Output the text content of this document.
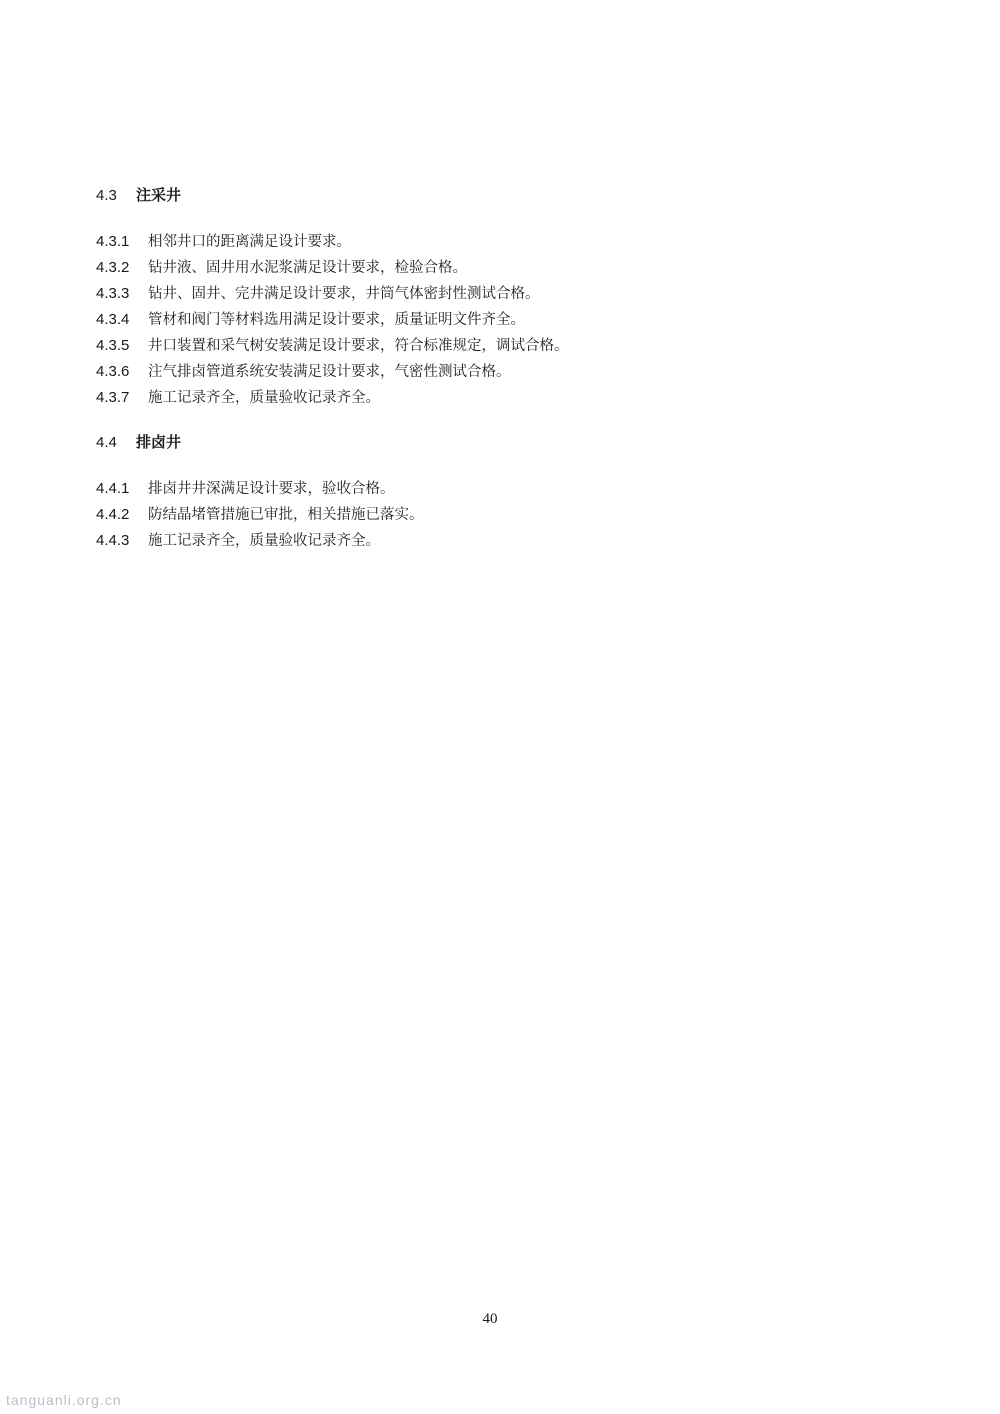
4.3 注采井
4.3.1 相邻井口的距离满足设计要求。
4.3.2 钻井液、固井用水泥浆满足设计要求，检验合格。
4.3.3 钻井、固井、完井满足设计要求，井筒气体密封性测试合格。
4.3.4 管材和阀门等材料选用满足设计要求，质量证明文件齐全。
4.3.5 井口装置和采气树安装满足设计要求，符合标准规定，调试合格。
4.3.6 注气排卤管道系统安装满足设计要求，气密性测试合格。
4.3.7 施工记录齐全，质量验收记录齐全。
4.4 排卤井
4.4.1 排卤井井深满足设计要求，验收合格。
4.4.2 防结晶堵管措施已审批，相关措施已落实。
4.4.3 施工记录齐全，质量验收记录齐全。
40
tanguanli.org.cn
